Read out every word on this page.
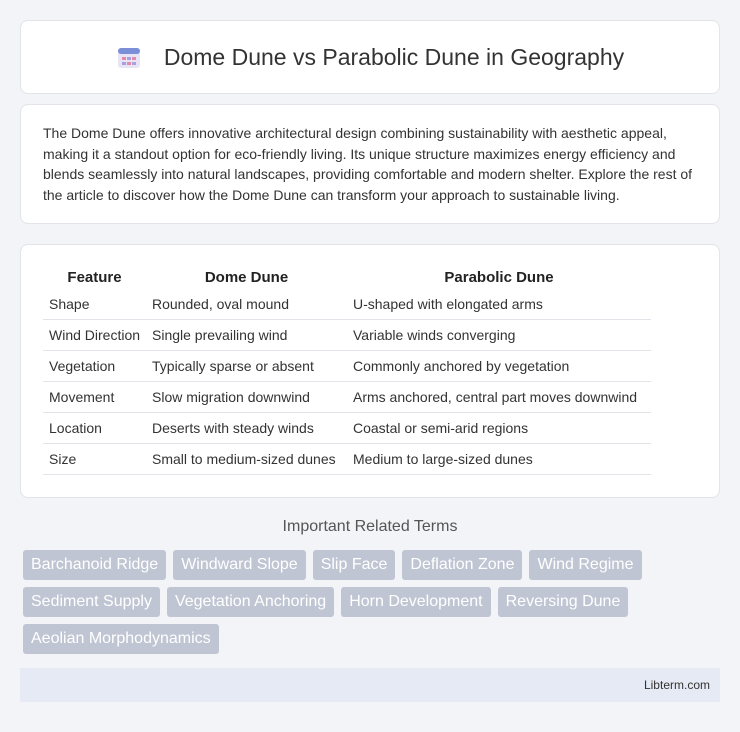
Dome Dune vs Parabolic Dune in Geography

The Dome Dune offers innovative architectural design combining sustainability with aesthetic appeal, making it a standout option for eco-friendly living. Its unique structure maximizes energy efficiency and blends seamlessly into natural landscapes, providing comfortable and modern shelter. Explore the rest of the article to discover how the Dome Dune can transform your approach to sustainable living.

Feature	Dome Dune	Parabolic Dune
Shape	Rounded, oval mound	U-shaped with elongated arms
Wind Direction	Single prevailing wind	Variable winds converging
Vegetation	Typically sparse or absent	Commonly anchored by vegetation
Movement	Slow migration downwind	Arms anchored, central part moves downwind
Location	Deserts with steady winds	Coastal or semi-arid regions
Size	Small to medium-sized dunes	Medium to large-sized dunes
Important Related Terms
Barchanoid Ridge	Windward Slope	Slip Face	Deflation Zone	Wind Regime
Sediment Supply	Vegetation Anchoring	Horn Development	Reversing Dune
Aeolian Morphodynamics
Libterm.com
